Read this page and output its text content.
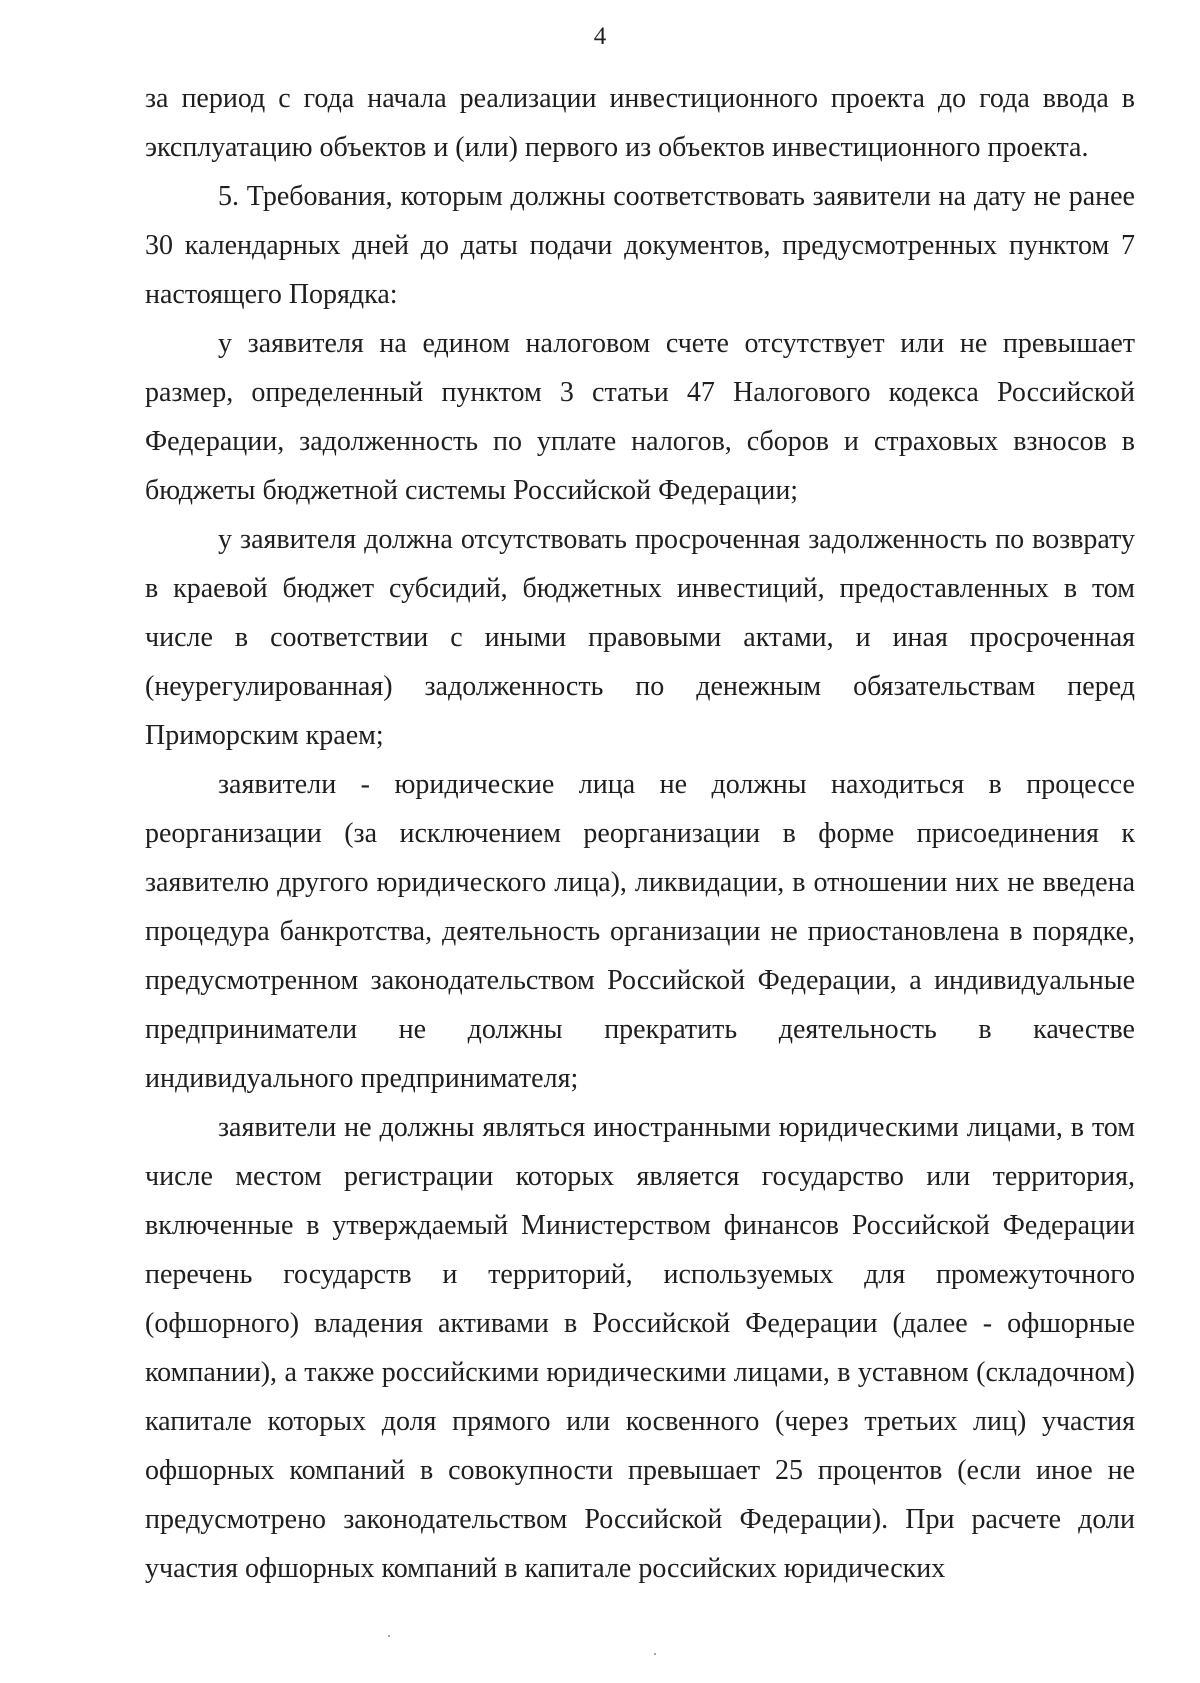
4

за период с года начала реализации инвестиционного проекта до года ввода в эксплуатацию объектов и (или) первого из объектов инвестиционного проекта.

5. Требования, которым должны соответствовать заявители на дату не ранее 30 календарных дней до даты подачи документов, предусмотренных пунктом 7 настоящего Порядка:

у заявителя на едином налоговом счете отсутствует или не превышает размер, определенный пунктом 3 статьи 47 Налогового кодекса Российской Федерации, задолженность по уплате налогов, сборов и страховых взносов в бюджеты бюджетной системы Российской Федерации;

у заявителя должна отсутствовать просроченная задолженность по возврату в краевой бюджет субсидий, бюджетных инвестиций, предоставленных в том числе в соответствии с иными правовыми актами, и иная просроченная (неурегулированная) задолженность по денежным обязательствам перед Приморским краем;

заявители - юридические лица не должны находиться в процессе реорганизации (за исключением реорганизации в форме присоединения к заявителю другого юридического лица), ликвидации, в отношении них не введена процедура банкротства, деятельность организации не приостановлена в порядке, предусмотренном законодательством Российской Федерации, а индивидуальные предприниматели не должны прекратить деятельность в качестве индивидуального предпринимателя;

заявители не должны являться иностранными юридическими лицами, в том числе местом регистрации которых является государство или территория, включенные в утверждаемый Министерством финансов Российской Федерации перечень государств и территорий, используемых для промежуточного (офшорного) владения активами в Российской Федерации (далее - офшорные компании), а также российскими юридическими лицами, в уставном (складочном) капитале которых доля прямого или косвенного (через третьих лиц) участия офшорных компаний в совокупности превышает 25 процентов (если иное не предусмотрено законодательством Российской Федерации). При расчете доли участия офшорных компаний в капитале российских юридических
